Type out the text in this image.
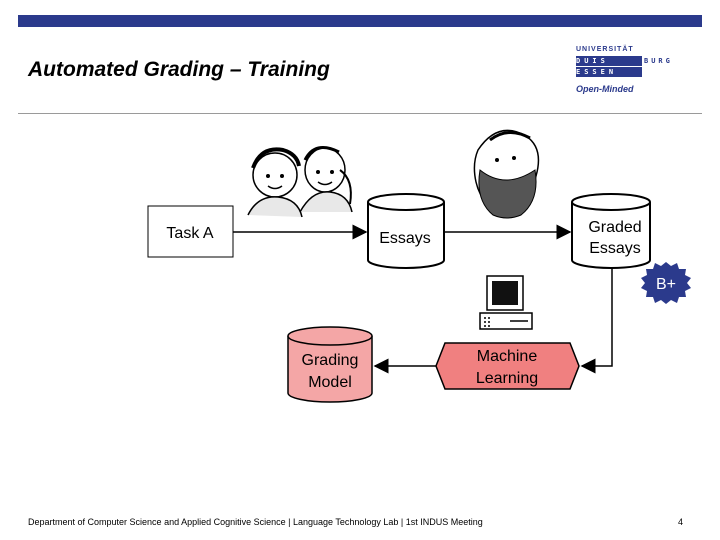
Automated Grading – Training
UNIVERSITÄT
DUIS	BURG
ESSEN
Open-Minded
Task A	Essays
Graded
Essays
B+
Grading
Model
Machine
Learning
Department of Computer Science and Applied Cognitive Science | Language Technology Lab | 1st INDUS Meeting	4
